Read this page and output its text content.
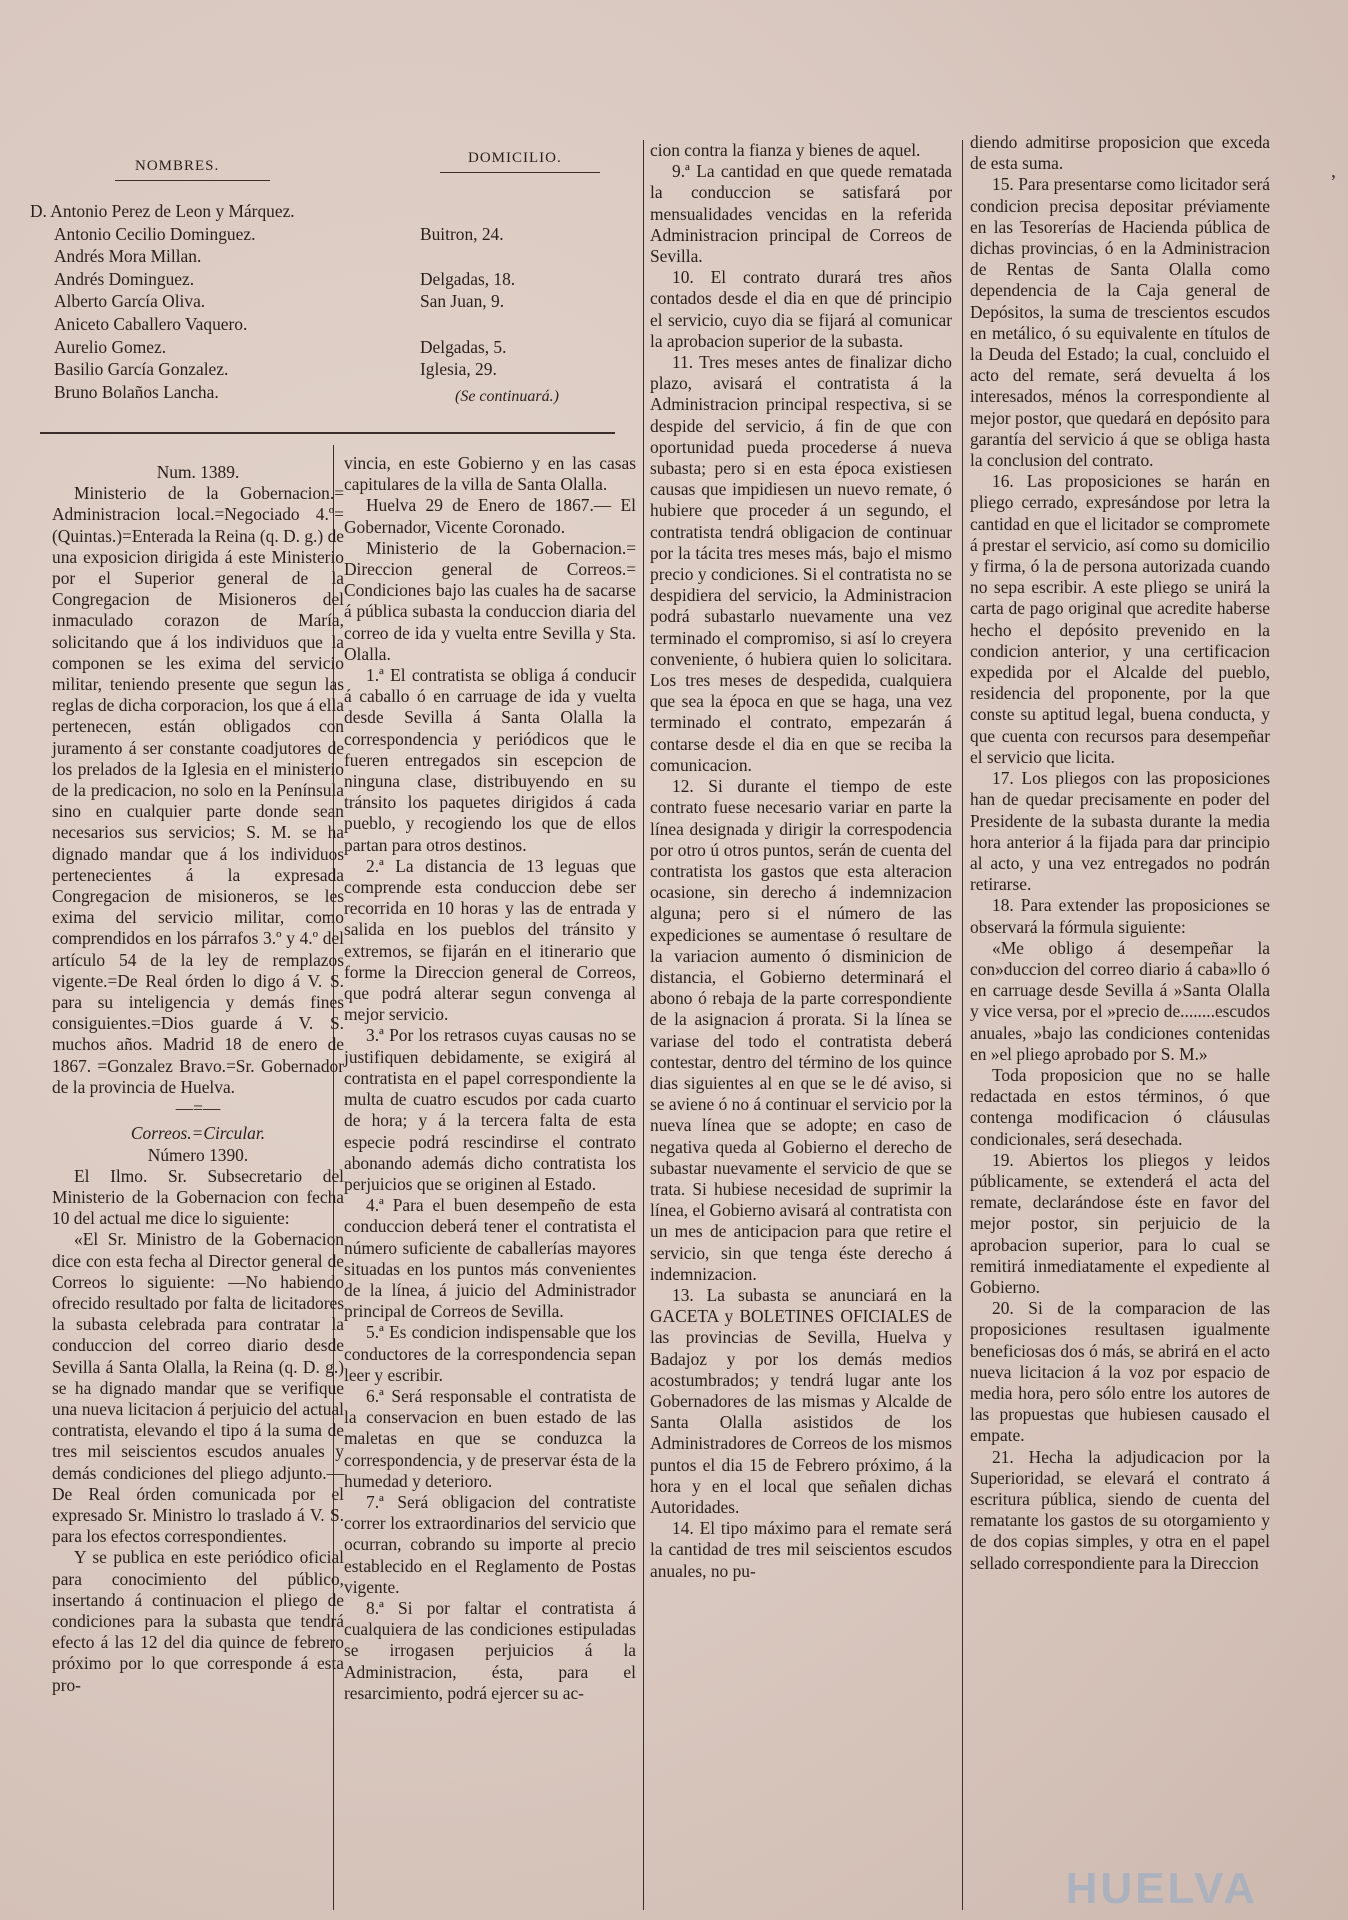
NOMBRES.	DOMICILIO.
D. Antonio Perez de Leon y Márquez.
Antonio Cecilio Dominguez.
Andrés Mora Millan.
Andrés Dominguez.
Alberto García Oliva.
Aniceto Caballero Vaquero.
Aurelio Gomez.
Basilio García Gonzalez.
Bruno Bolaños Lancha.
Buitron, 24.
Delgadas, 18.
San Juan, 9.
Delgadas, 5.
Iglesia, 29.
(Se continuará.)

Num. 1389.

Ministerio de la Gobernacion.= Administracion local.=Negociado 4.º=(Quintas.)=Enterada la Reina (q. D. g.) de una exposicion dirigida á este Ministerio por el Superior general de la Congregacion de Misioneros del inmaculado corazon de María, solicitando que á los individuos que la componen se les exima del servicio militar, teniendo presente que segun las reglas de dicha corporacion, los que á ella pertenecen, están obligados con juramento á ser constante coadjutores de los prelados de la Iglesia en el ministerio de la predicacion, no solo en la Península sino en cualquier parte donde sean necesarios sus servicios; S. M. se ha dignado mandar que á los individuos pertenecientes á la expresada Congregacion de misioneros, se les exima del servicio militar, como comprendidos en los párrafos 3.º y 4.º del artículo 54 de la ley de remplazos vigente.=De Real órden lo digo á V. S. para su inteligencia y demás fines consiguientes.=Dios guarde á V. S. muchos años. Madrid 18 de enero de 1867. =Gonzalez Bravo.=Sr. Gobernador de la provincia de Huelva.

—=—

Correos.=Circular.

Número 1390.

El Ilmo. Sr. Subsecretario del Ministerio de la Gobernacion con fecha 10 del actual me dice lo siguiente:

«El Sr. Ministro de la Gobernacion dice con esta fecha al Director general de Correos lo siguiente: —No habiendo ofrecido resultado por falta de licitadores la subasta celebrada para contratar la conduccion del correo diario desde Sevilla á Santa Olalla, la Reina (q. D. g.) se ha dignado mandar que se verifique una nueva licitacion á perjuicio del actual contratista, elevando el tipo á la suma de tres mil seiscientos escudos anuales y demás condiciones del pliego adjunto.—De Real órden comunicada por el expresado Sr. Ministro lo traslado á V. S. para los efectos correspondientes.

Y se publica en este periódico oficial para conocimiento del público, insertando á continuacion el pliego de condiciones para la subasta que tendrá efecto á las 12 del dia quince de febrero próximo por lo que corresponde á esta pro-

vincia, en este Gobierno y en las casas capitulares de la villa de Santa Olalla.

Huelva 29 de Enero de 1867.— El Gobernador, Vicente Coronado.

Ministerio de la Gobernacion.= Direccion general de Correos.= Condiciones bajo las cuales ha de sacarse á pública subasta la conduccion diaria del correo de ida y vuelta entre Sevilla y Sta. Olalla.

1.ª El contratista se obliga á conducir á caballo ó en carruage de ida y vuelta desde Sevilla á Santa Olalla la correspondencia y periódicos que le fueren entregados sin escepcion de ninguna clase, distribuyendo en su tránsito los paquetes dirigidos á cada pueblo, y recogiendo los que de ellos partan para otros destinos.

2.ª La distancia de 13 leguas que comprende esta conduccion debe ser recorrida en 10 horas y las de entrada y salida en los pueblos del tránsito y extremos, se fijarán en el itinerario que forme la Direccion general de Correos, que podrá alterar segun convenga al mejor servicio.

3.ª Por los retrasos cuyas causas no se justifiquen debidamente, se exigirá al contratista en el papel correspondiente la multa de cuatro escudos por cada cuarto de hora; y á la tercera falta de esta especie podrá rescindirse el contrato abonando además dicho contratista los perjuicios que se originen al Estado.

4.ª Para el buen desempeño de esta conduccion deberá tener el contratista el número suficiente de caballerías mayores situadas en los puntos más convenientes de la línea, á juicio del Administrador principal de Correos de Sevilla.

5.ª Es condicion indispensable que los conductores de la correspondencia sepan leer y escribir.

6.ª Será responsable el contratista de la conservacion en buen estado de las maletas en que se conduzca la correspondencia, y de preservar ésta de la humedad y deterioro.

7.ª Será obligacion del contratiste correr los extraordinarios del servicio que ocurran, cobrando su importe al precio establecido en el Reglamento de Postas vigente.

8.ª Si por faltar el contratista á cualquiera de las condiciones estipuladas se irrogasen perjuicios á la Administracion, ésta, para el resarcimiento, podrá ejercer su ac-

cion contra la fianza y bienes de aquel.

9.ª La cantidad en que quede rematada la conduccion se satisfará por mensualidades vencidas en la referida Administracion principal de Correos de Sevilla.

10. El contrato durará tres años contados desde el dia en que dé principio el servicio, cuyo dia se fijará al comunicar la aprobacion superior de la subasta.

11. Tres meses antes de finalizar dicho plazo, avisará el contratista á la Administracion principal respectiva, si se despide del servicio, á fin de que con oportunidad pueda procederse á nueva subasta; pero si en esta época existiesen causas que impidiesen un nuevo remate, ó hubiere que proceder á un segundo, el contratista tendrá obligacion de continuar por la tácita tres meses más, bajo el mismo precio y condiciones. Si el contratista no se despidiera del servicio, la Administracion podrá subastarlo nuevamente una vez terminado el compromiso, si así lo creyera conveniente, ó hubiera quien lo solicitara. Los tres meses de despedida, cualquiera que sea la época en que se haga, una vez terminado el contrato, empezarán á contarse desde el dia en que se reciba la comunicacion.

12. Si durante el tiempo de este contrato fuese necesario variar en parte la línea designada y dirigir la correspodencia por otro ú otros puntos, serán de cuenta del contratista los gastos que esta alteracion ocasione, sin derecho á indemnizacion alguna; pero si el número de las expediciones se aumentase ó resultare de la variacion aumento ó disminicion de distancia, el Gobierno determinará el abono ó rebaja de la parte correspondiente de la asignacion á prorata. Si la línea se variase del todo el contratista deberá contestar, dentro del término de los quince dias siguientes al en que se le dé aviso, si se aviene ó no á continuar el servicio por la nueva línea que se adopte; en caso de negativa queda al Gobierno el derecho de subastar nuevamente el servicio de que se trata. Si hubiese necesidad de suprimir la línea, el Gobierno avisará al contratista con un mes de anticipacion para que retire el servicio, sin que tenga éste derecho á indemnizacion.

13. La subasta se anunciará en la GACETA y BOLETINES OFICIALES de las provincias de Sevilla, Huelva y Badajoz y por los demás medios acostumbrados; y tendrá lugar ante los Gobernadores de las mismas y Alcalde de Santa Olalla asistidos de los Administradores de Correos de los mismos puntos el dia 15 de Febrero próximo, á la hora y en el local que señalen dichas Autoridades.

14. El tipo máximo para el remate será la cantidad de tres mil seiscientos escudos anuales, no pu-

diendo admitirse proposicion que exceda de esta suma.

15. Para presentarse como licitador será condicion precisa depositar préviamente en las Tesorerías de Hacienda pública de dichas provincias, ó en la Administracion de Rentas de Santa Olalla como dependencia de la Caja general de Depósitos, la suma de trescientos escudos en metálico, ó su equivalente en títulos de la Deuda del Estado; la cual, concluido el acto del remate, será devuelta á los interesados, ménos la correspondiente al mejor postor, que quedará en depósito para garantía del servicio á que se obliga hasta la conclusion del contrato.

16. Las proposiciones se harán en pliego cerrado, expresándose por letra la cantidad en que el licitador se compromete á prestar el servicio, así como su domicilio y firma, ó la de persona autorizada cuando no sepa escribir. A este pliego se unirá la carta de pago original que acredite haberse hecho el depósito prevenido en la condicion anterior, y una certificacion expedida por el Alcalde del pueblo, residencia del proponente, por la que conste su aptitud legal, buena conducta, y que cuenta con recursos para desempeñar el servicio que licita.

17. Los pliegos con las proposiciones han de quedar precisamente en poder del Presidente de la subasta durante la media hora anterior á la fijada para dar principio al acto, y una vez entregados no podrán retirarse.

18. Para extender las proposiciones se observará la fórmula siguiente:

«Me obligo á desempeñar la con»duccion del correo diario á caba»llo ó en carruage desde Sevilla á »Santa Olalla y vice versa, por el »precio de........escudos anuales, »bajo las condiciones contenidas en »el pliego aprobado por S. M.»

Toda proposicion que no se halle redactada en estos términos, ó que contenga modificacion ó cláusulas condicionales, será desechada.

19. Abiertos los pliegos y leidos públicamente, se extenderá el acta del remate, declarándose éste en favor del mejor postor, sin perjuicio de la aprobacion superior, para lo cual se remitirá inmediatamente el expediente al Gobierno.

20. Si de la comparacion de las proposiciones resultasen igualmente beneficiosas dos ó más, se abrirá en el acto nueva licitacion á la voz por espacio de media hora, pero sólo entre los autores de las propuestas que hubiesen causado el empate.

21. Hecha la adjudicacion por la Superioridad, se elevará el contrato á escritura pública, siendo de cuenta del rematante los gastos de su otorgamiento y de dos copias simples, y otra en el papel sellado correspondiente para la Direccion

,
HUELVA
